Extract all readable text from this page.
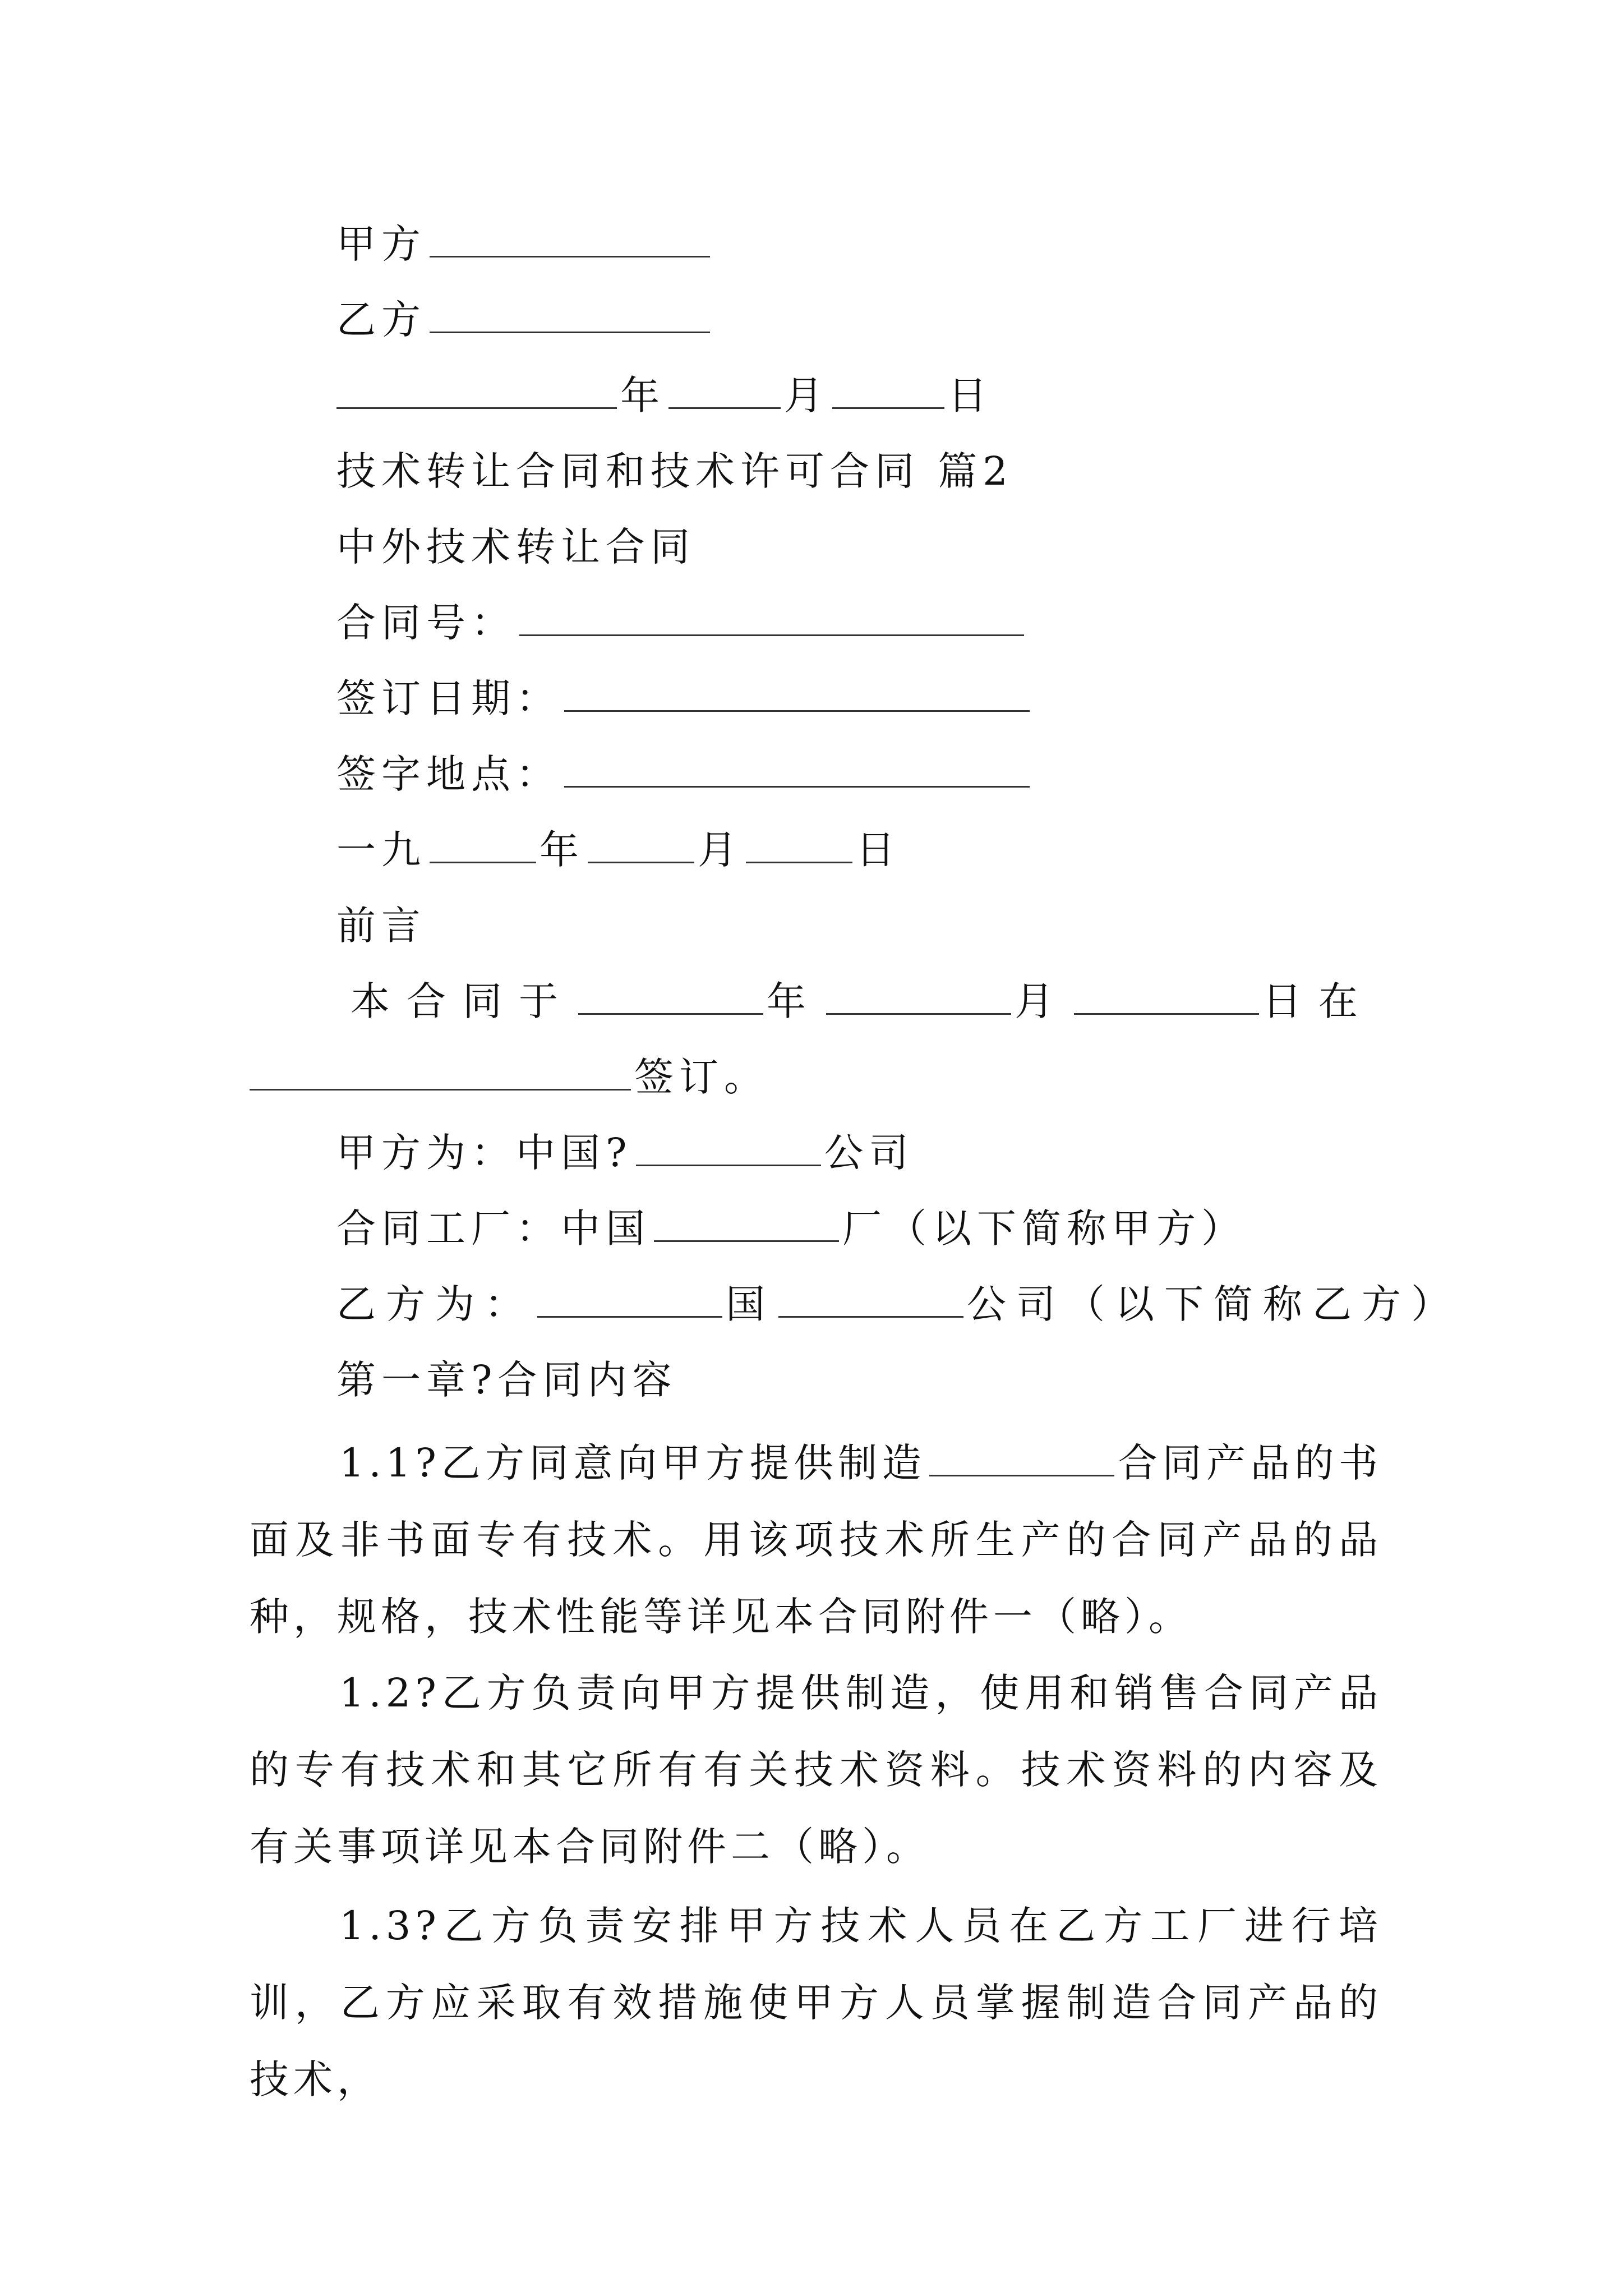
甲方
乙方
年	月	日
技术转让合同和技术许可合同 篇2
中外技术转让合同
合同号：
签订日期：
签字地点：
一九	年	月	日
前言
本合同于	年	月	日在
签订。
甲方为：中国?	公司
合同工厂：中国	厂（以下简称甲方）
乙方为：	国	公司（以下简称乙方）
第一章?合同内容
1.1?乙方同意向甲方提供制造	合同产品的书面及非书面专有技术。用该项技术所生产的合同产品的品种，规格，技术性能等详见本合同附件一（略）。
1.2?乙方负责向甲方提供制造，使用和销售合同产品的专有技术和其它所有有关技术资料。技术资料的内容及有关事项详见本合同附件二（略）。
1.3?乙方负责安排甲方技术人员在乙方工厂进行培训，乙方应采取有效措施使甲方人员掌握制造合同产品的技术，
